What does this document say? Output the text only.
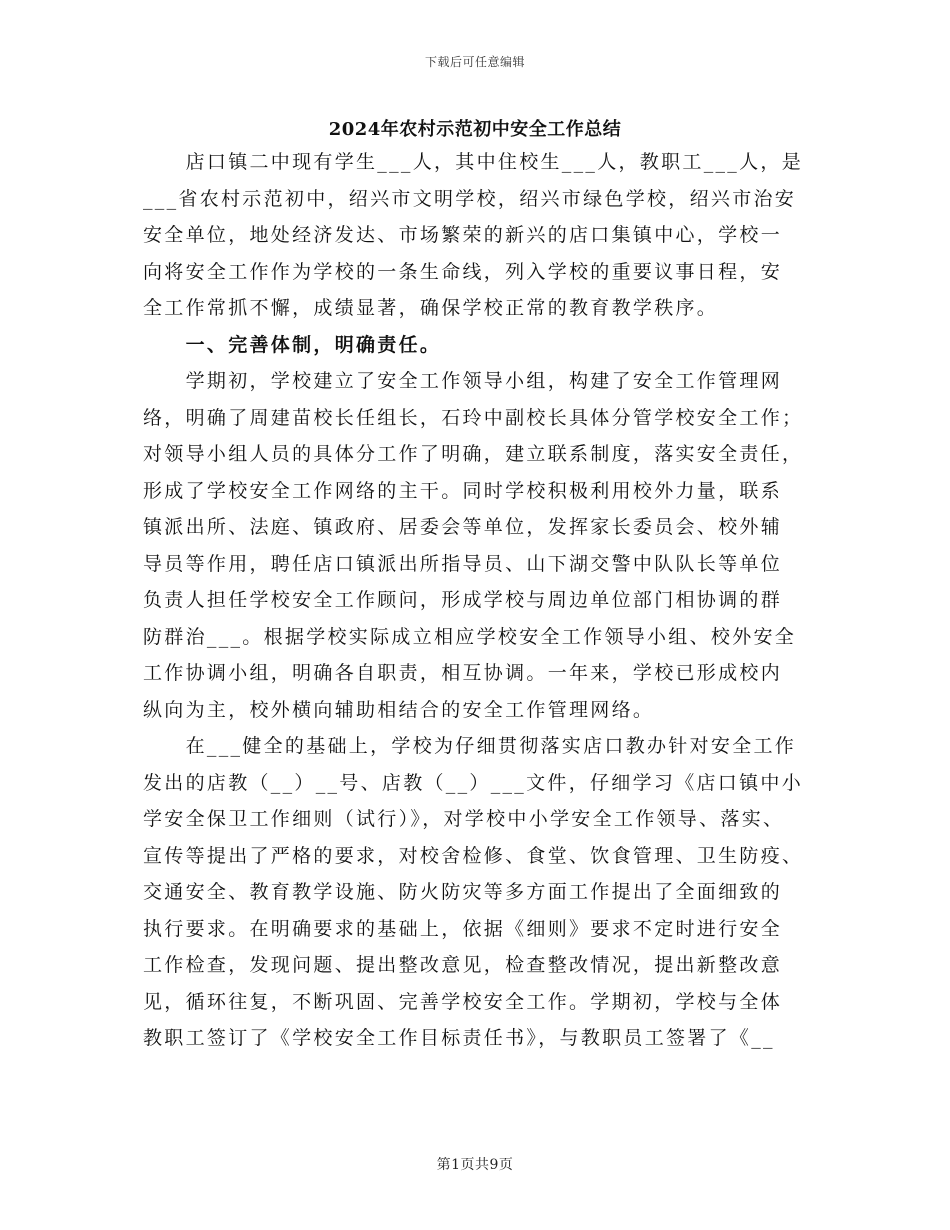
下载后可任意编辑
2024年农村示范初中安全工作总结
　　店口镇二中现有学生___人，其中住校生___人，教职工___人，是
___省农村示范初中，绍兴市文明学校，绍兴市绿色学校，绍兴市治安
安全单位，地处经济发达、市场繁荣的新兴的店口集镇中心，学校一
向将安全工作作为学校的一条生命线，列入学校的重要议事日程，安
全工作常抓不懈，成绩显著，确保学校正常的教育教学秩序。
　　一、完善体制，明确责任。
　　学期初，学校建立了安全工作领导小组，构建了安全工作管理网
络，明确了周建苗校长任组长，石玲中副校长具体分管学校安全工作；
对领导小组人员的具体分工作了明确，建立联系制度，落实安全责任，
形成了学校安全工作网络的主干。同时学校积极利用校外力量，联系
镇派出所、法庭、镇政府、居委会等单位，发挥家长委员会、校外辅
导员等作用，聘任店口镇派出所指导员、山下湖交警中队队长等单位
负责人担任学校安全工作顾问，形成学校与周边单位部门相协调的群
防群治___。根据学校实际成立相应学校安全工作领导小组、校外安全
工作协调小组，明确各自职责，相互协调。一年来，学校已形成校内
纵向为主，校外横向辅助相结合的安全工作管理网络。
　　在___健全的基础上，学校为仔细贯彻落实店口教办针对安全工作
发出的店教（__）__号、店教（__）___文件，仔细学习《店口镇中小
学安全保卫工作细则（试行）》，对学校中小学安全工作领导、落实、
宣传等提出了严格的要求，对校舍检修、食堂、饮食管理、卫生防疫、
交通安全、教育教学设施、防火防灾等多方面工作提出了全面细致的
执行要求。在明确要求的基础上，依据《细则》要求不定时进行安全
工作检查，发现问题、提出整改意见，检查整改情况，提出新整改意
见，循环往复，不断巩固、完善学校安全工作。学期初，学校与全体
教职工签订了《学校安全工作目标责任书》，与教职员工签署了《__
第1页共9页
